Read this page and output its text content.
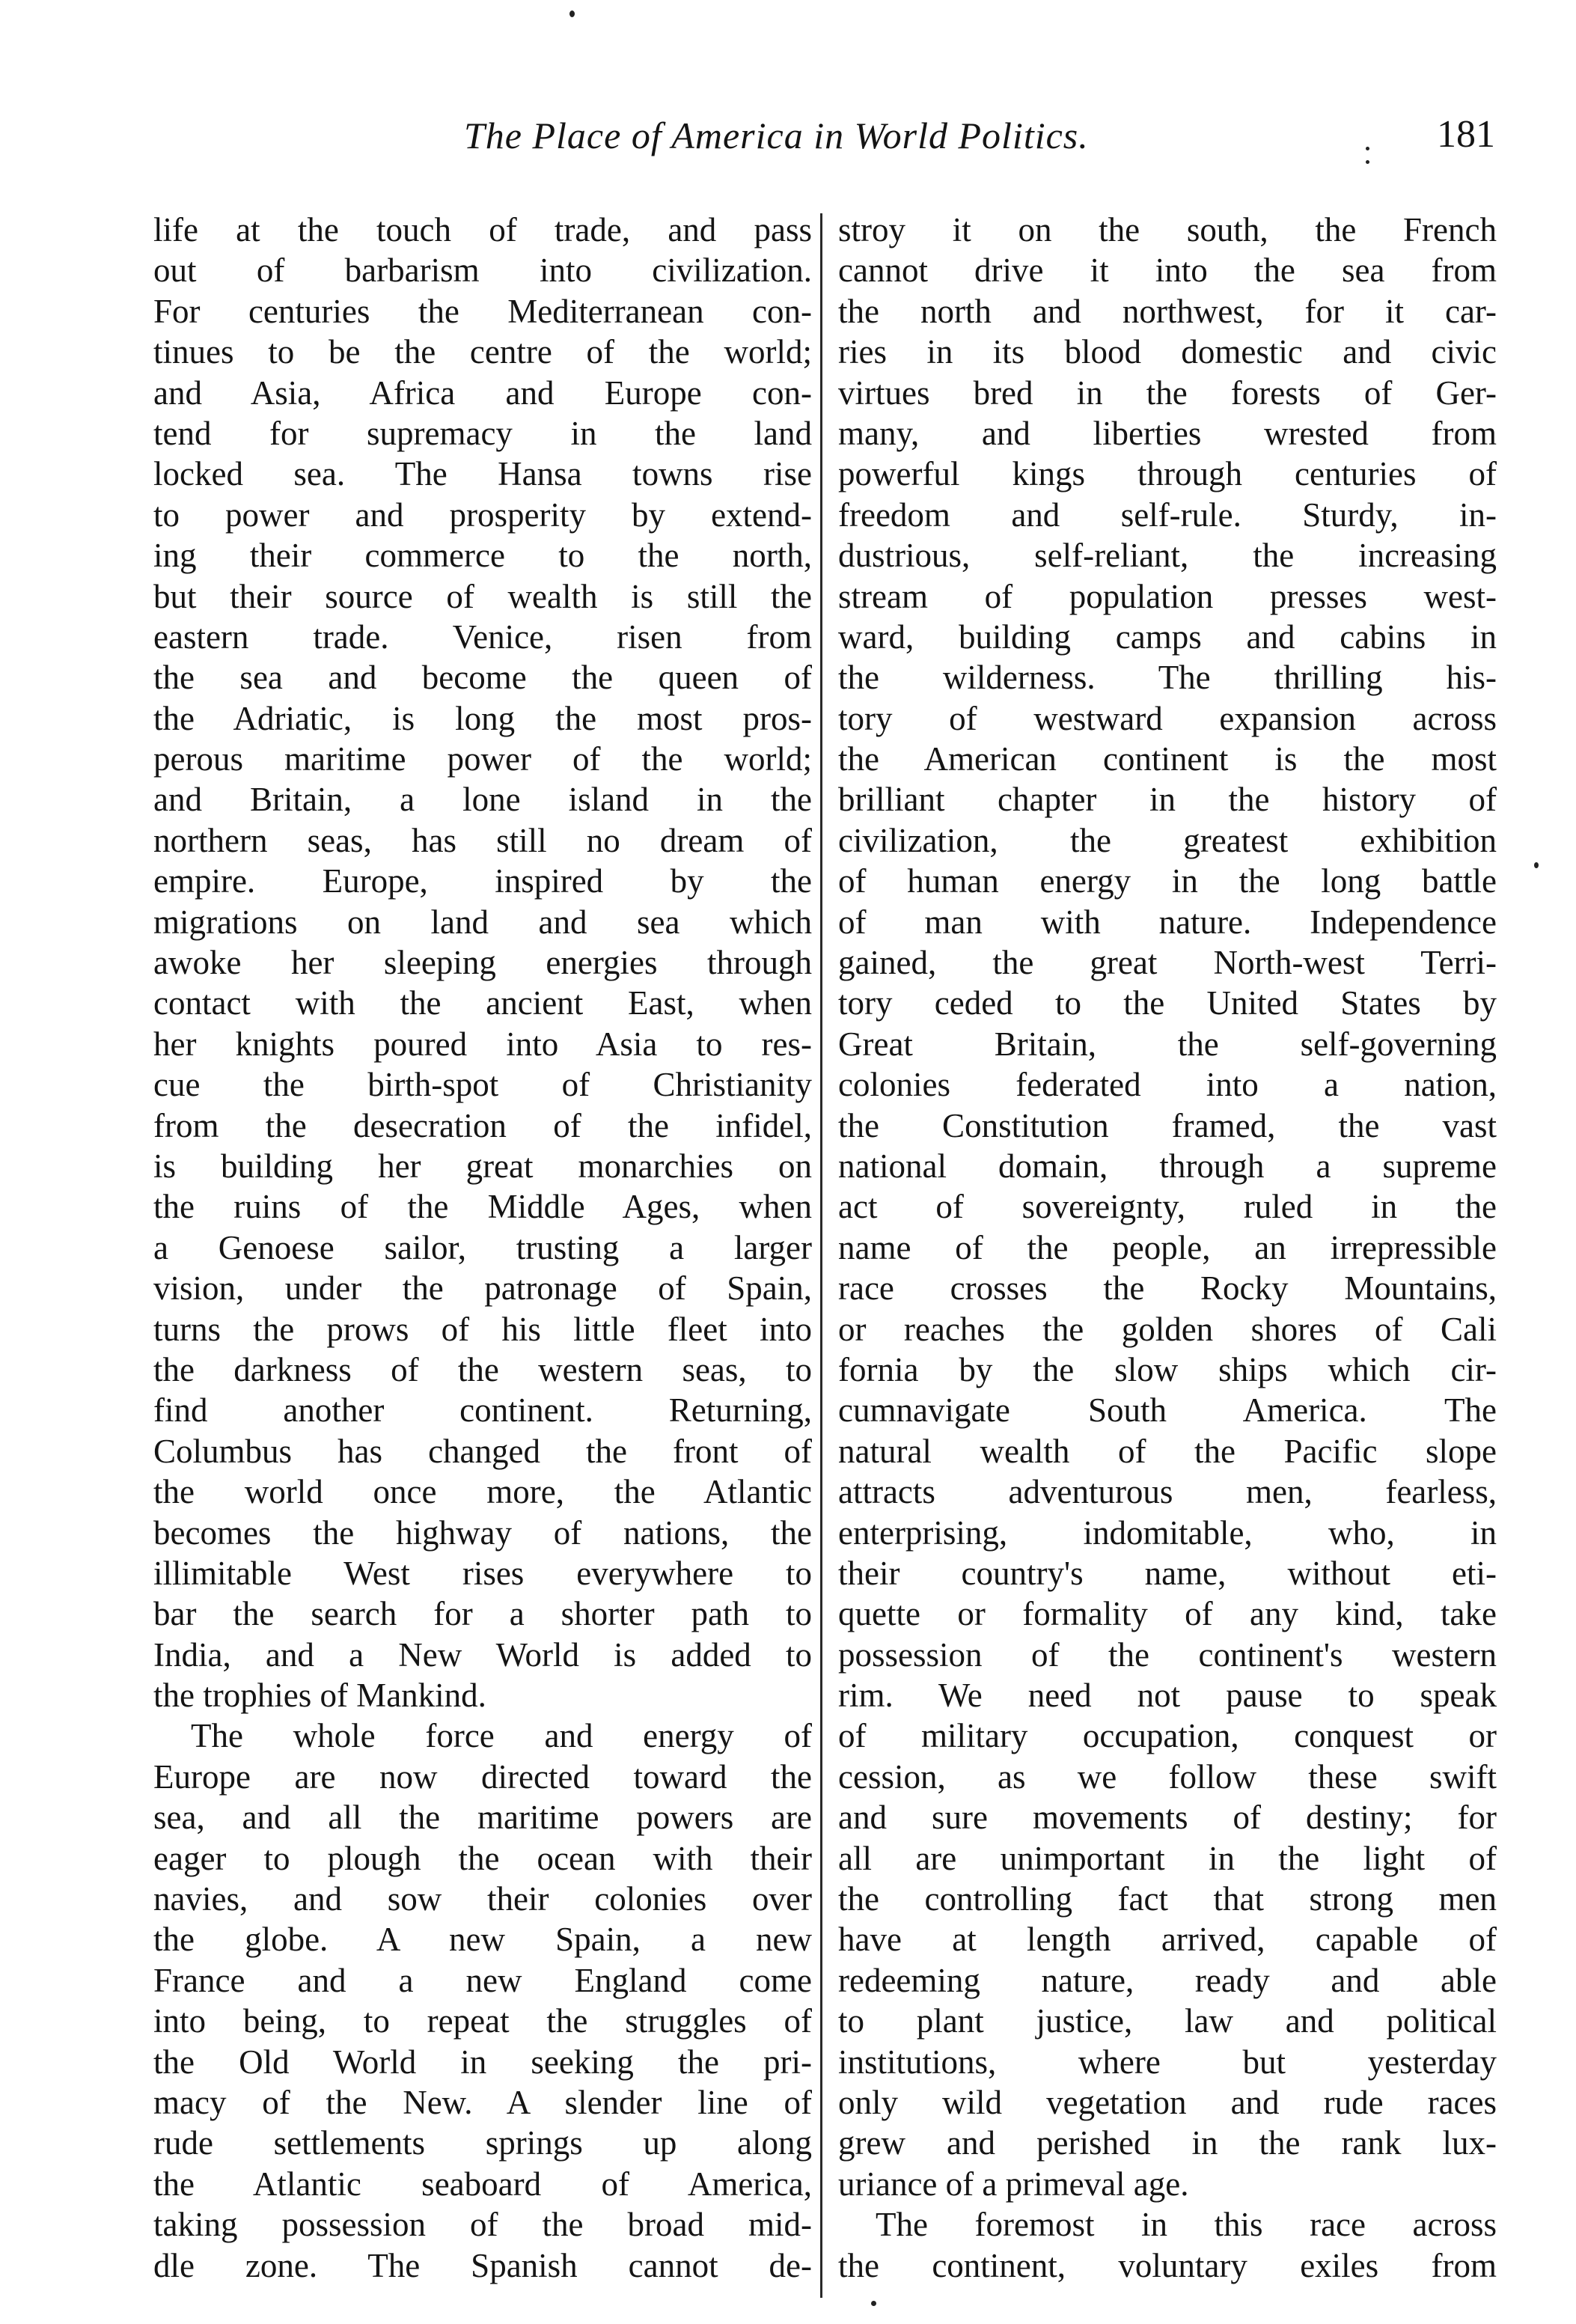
The Place of America in World Politics.	181
life at the touch of trade, and pass
out of barbarism into civilization.
For centuries the Mediterranean con-
tinues to be the centre of the world;
and Asia, Africa and Europe con-
tend for supremacy in the land
locked sea. The Hansa towns rise
to power and prosperity by extend-
ing their commerce to the north,
but their source of wealth is still the
eastern trade. Venice, risen from
the sea and become the queen of
the Adriatic, is long the most pros-
perous maritime power of the world;
and Britain, a lone island in the
northern seas, has still no dream of
empire. Europe, inspired by the
migrations on land and sea which
awoke her sleeping energies through
contact with the ancient East, when
her knights poured into Asia to res-
cue the birth-spot of Christianity
from the desecration of the infidel,
is building her great monarchies on
the ruins of the Middle Ages, when
a Genoese sailor, trusting a larger
vision, under the patronage of Spain,
turns the prows of his little fleet into
the darkness of the western seas, to
find another continent. Returning,
Columbus has changed the front of
the world once more, the Atlantic
becomes the highway of nations, the
illimitable West rises everywhere to
bar the search for a shorter path to
India, and a New World is added to
the trophies of Mankind.
The whole force and energy of
Europe are now directed toward the
sea, and all the maritime powers are
eager to plough the ocean with their
navies, and sow their colonies over
the globe. A new Spain, a new
France and a new England come
into being, to repeat the struggles of
the Old World in seeking the pri-
macy of the New. A slender line of
rude settlements springs up along
the Atlantic seaboard of America,
taking possession of the broad mid-
dle zone. The Spanish cannot de-
stroy it on the south, the French
cannot drive it into the sea from
the north and northwest, for it car-
ries in its blood domestic and civic
virtues bred in the forests of Ger-
many, and liberties wrested from
powerful kings through centuries of
freedom and self-rule. Sturdy, in-
dustrious, self-reliant, the increasing
stream of population presses west-
ward, building camps and cabins in
the wilderness. The thrilling his-
tory of westward expansion across
the American continent is the most
brilliant chapter in the history of
civilization, the greatest exhibition
of human energy in the long battle
of man with nature. Independence
gained, the great North-west Terri-
tory ceded to the United States by
Great Britain, the self-governing
colonies federated into a nation,
the Constitution framed, the vast
national domain, through a supreme
act of sovereignty, ruled in the
name of the people, an irrepressible
race crosses the Rocky Mountains,
or reaches the golden shores of Cali
fornia by the slow ships which cir-
cumnavigate South America. The
natural wealth of the Pacific slope
attracts adventurous men, fearless,
enterprising, indomitable, who, in
their country's name, without eti-
quette or formality of any kind, take
possession of the continent's western
rim. We need not pause to speak
of military occupation, conquest or
cession, as we follow these swift
and sure movements of destiny; for
all are unimportant in the light of
the controlling fact that strong men
have at length arrived, capable of
redeeming nature, ready and able
to plant justice, law and political
institutions, where but yesterday
only wild vegetation and rude races
grew and perished in the rank lux-
uriance of a primeval age.
The foremost in this race across
the continent, voluntary exiles from
